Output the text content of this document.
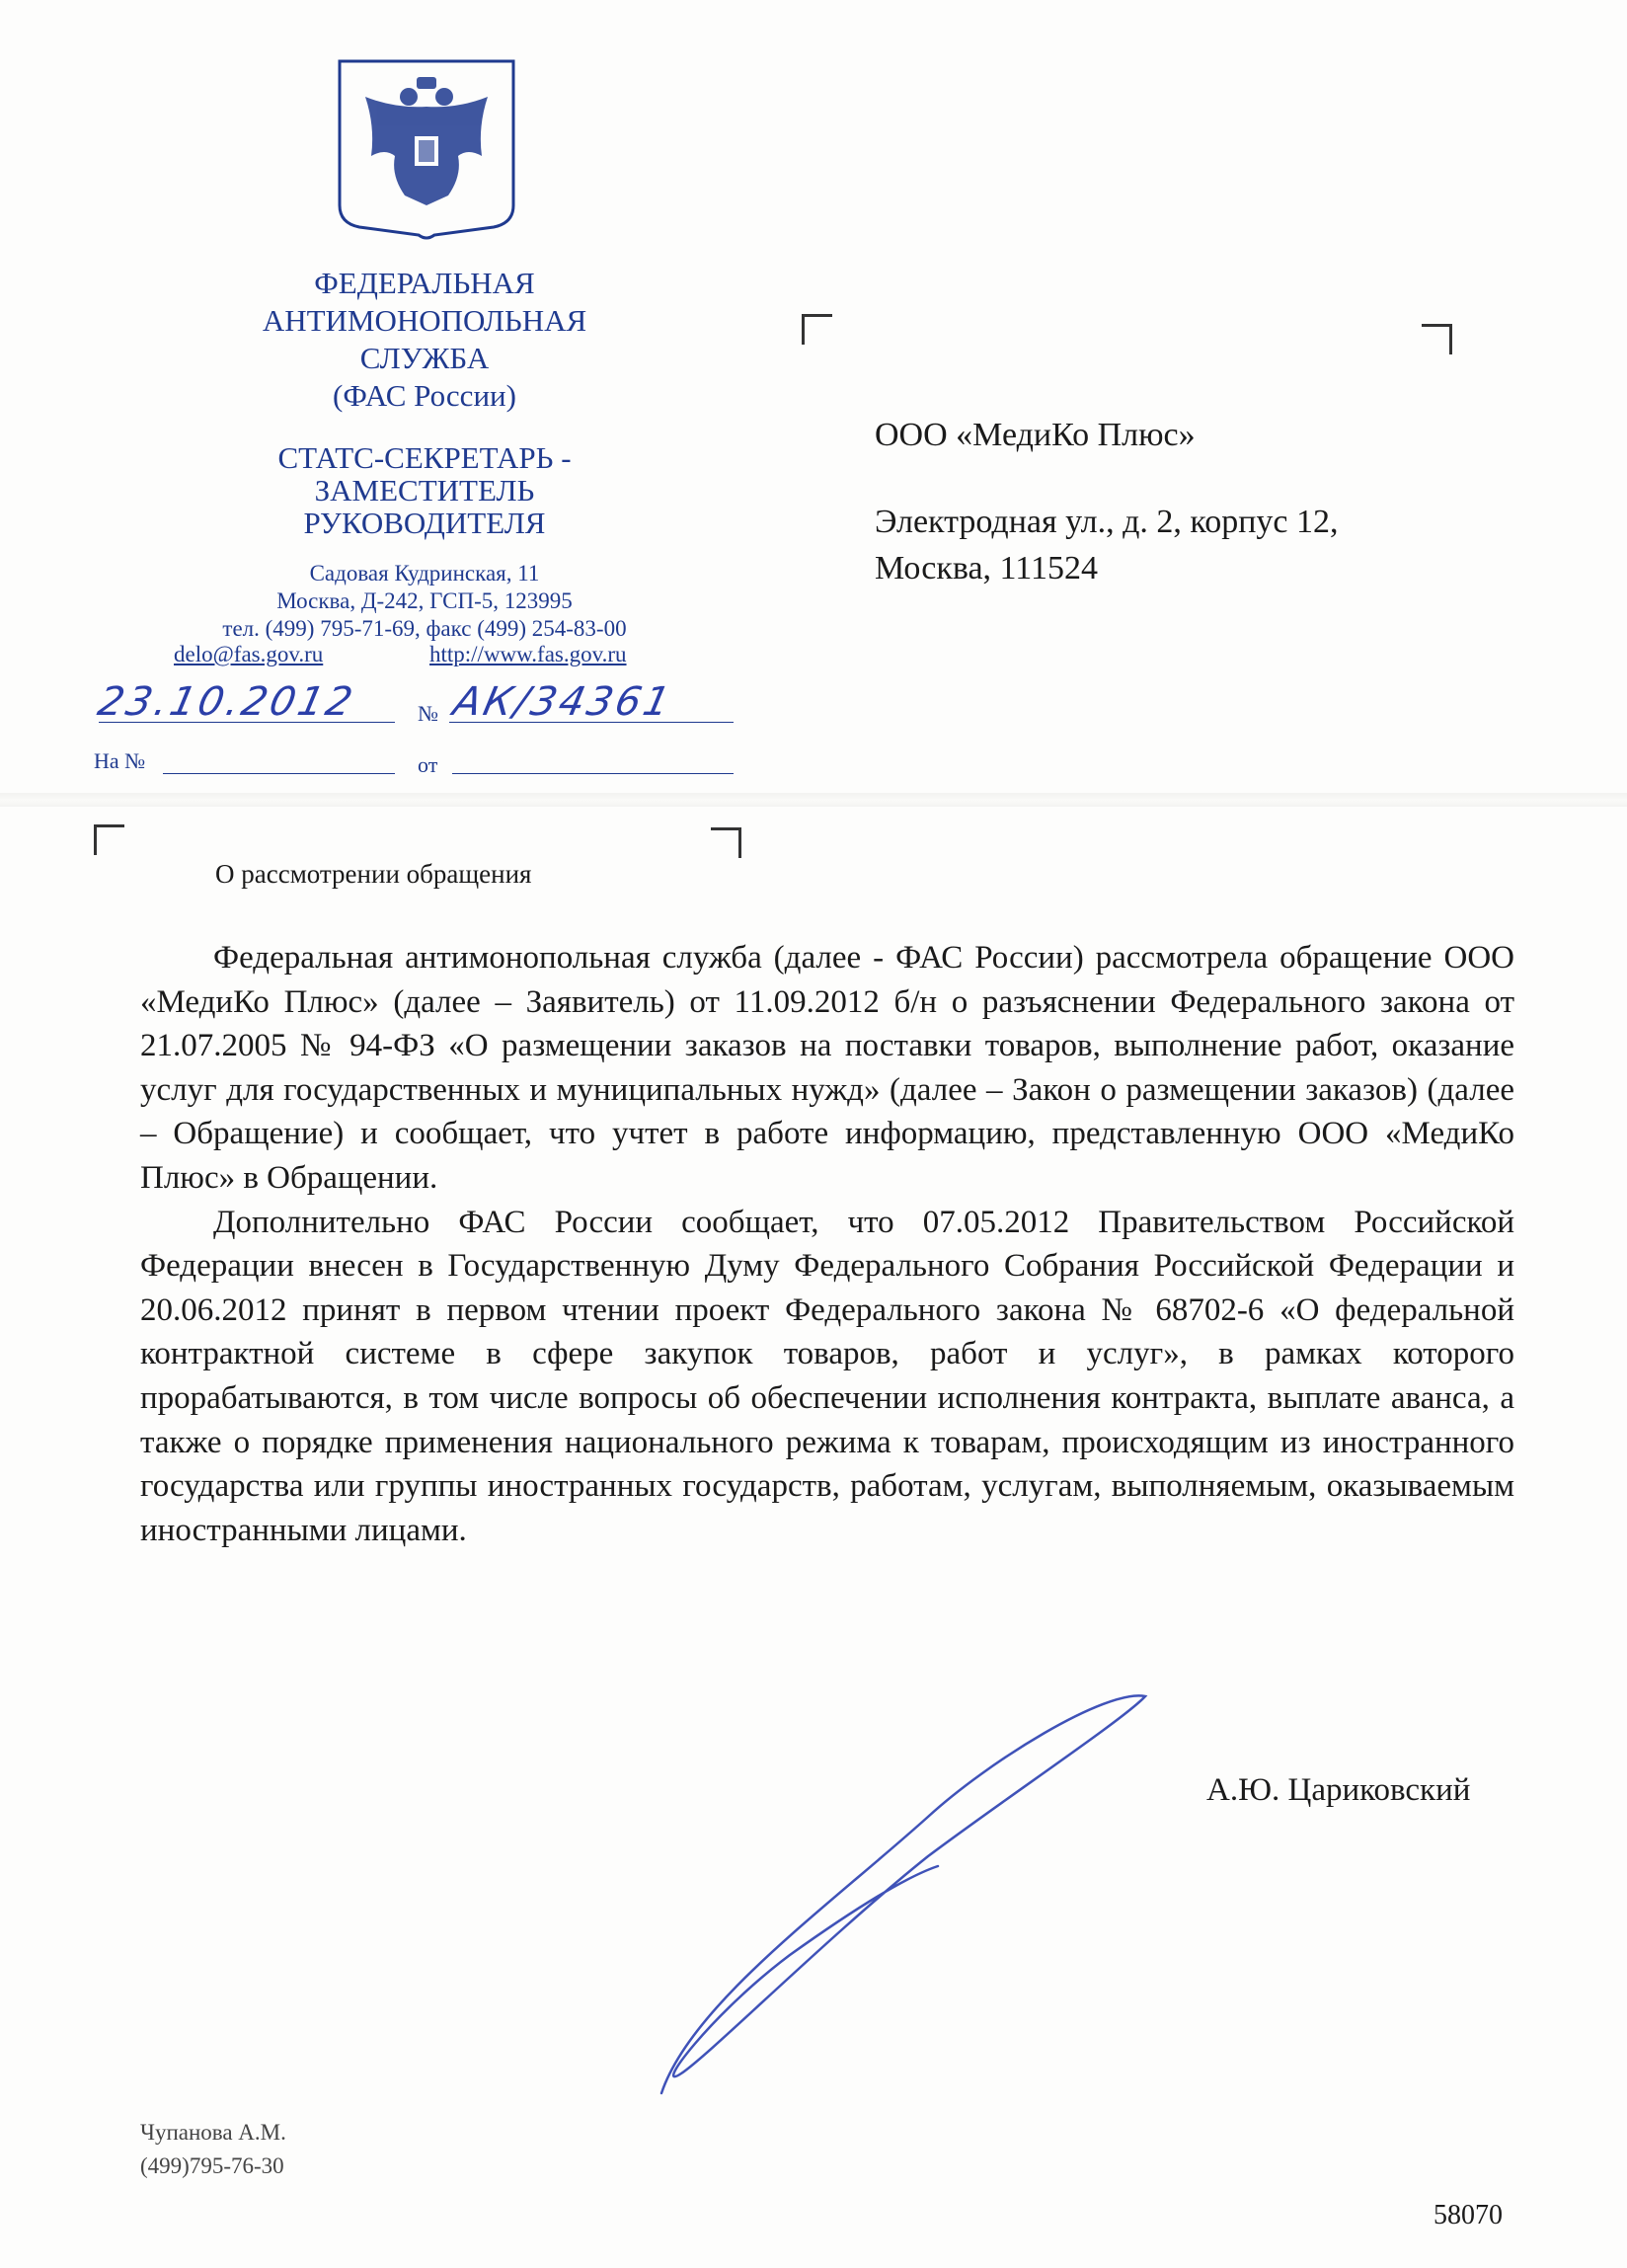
ФЕДЕРАЛЬНАЯ
АНТИМОНОПОЛЬНАЯ
СЛУЖБА
(ФАС России)
СТАТС-СЕКРЕТАРЬ -
ЗАМЕСТИТЕЛЬ
РУКОВОДИТЕЛЯ
Садовая Кудринская, 11
Москва, Д-242, ГСП-5, 123995
тел. (499) 795-71-69, факс (499) 254-83-00
delo@fas.gov.ru	http://www.fas.gov.ru
23.10.2012	№ АК/34361
На №	от
ООО «МедиКо Плюс»
Электродная ул., д. 2, корпус 12,
Москва, 111524
О рассмотрении обращения

Федеральная антимонопольная служба (далее - ФАС России) рассмотрела обращение ООО «МедиКо Плюс» (далее – Заявитель) от 11.09.2012 б/н о разъяснении Федерального закона от 21.07.2005 № 94-ФЗ «О размещении заказов на поставки товаров, выполнение работ, оказание услуг для государственных и муниципальных нужд» (далее – Закон о размещении заказов) (далее – Обращение) и сообщает, что учтет в работе информацию, представленную ООО «МедиКо Плюс» в Обращении.

Дополнительно ФАС России сообщает, что 07.05.2012 Правительством Российской Федерации внесен в Государственную Думу Федерального Собрания Российской Федерации и 20.06.2012 принят в первом чтении проект Федерального закона № 68702-6 «О федеральной контрактной системе в сфере закупок товаров, работ и услуг», в рамках которого прорабатываются, в том числе вопросы об обеспечении исполнения контракта, выплате аванса, а также о порядке применения национального режима к товарам, происходящим из иностранного государства или группы иностранных государств, работам, услугам, выполняемым, оказываемым иностранными лицами.

А.Ю. Цариковский
Чупанова А.М.
(499)795-76-30
58070
